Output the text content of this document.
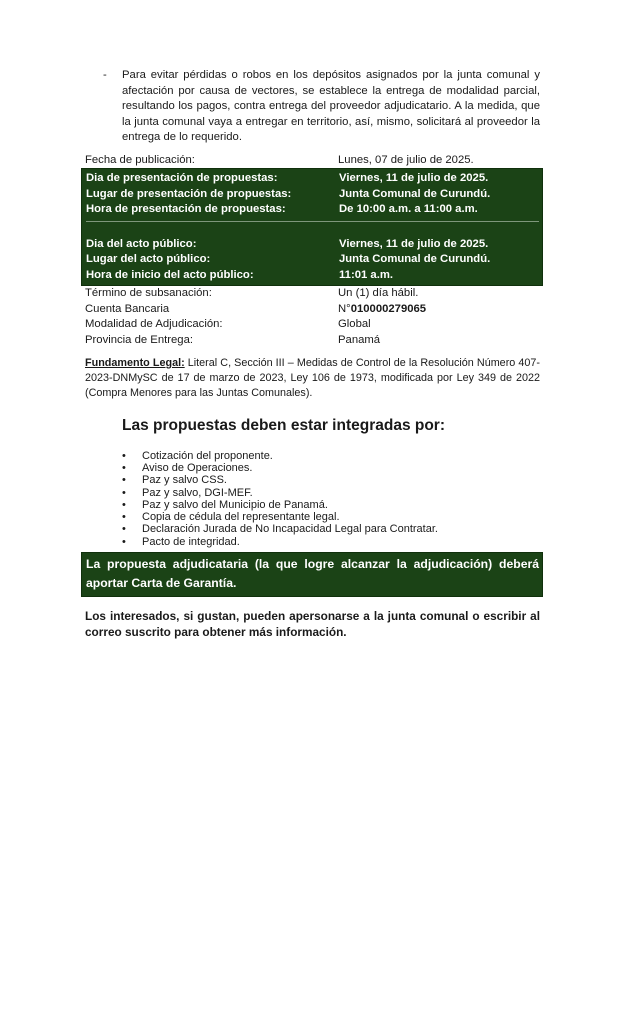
-	Para evitar pérdidas o robos en los depósitos asignados por la junta comunal y afectación por causa de vectores, se establece la entrega de modalidad parcial, resultando los pagos, contra entrega del proveedor adjudicatario. A la medida, que la junta comunal vaya a entregar en territorio, así, mismo, solicitará al proveedor la entrega de lo requerido.
Fecha de publicación:	Lunes, 07 de julio de 2025.
Dia de presentación de propuestas:	Viernes, 11 de julio de 2025.
Lugar de presentación de propuestas:	Junta Comunal de Curundú.
Hora de presentación de propuestas:	De 10:00 a.m. a 11:00 a.m.
Dia del acto público:	Viernes, 11 de julio de 2025.
Lugar del acto público:	Junta Comunal de Curundú.
Hora de inicio del acto público:	11:01 a.m.
Término de subsanación:	Un (1) día hábil.
Cuenta Bancaria	N°010000279065
Modalidad de Adjudicación:	Global
Provincia de Entrega:	Panamá

Fundamento Legal: Literal C, Sección III – Medidas de Control de la Resolución Número 407-2023-DNMySC de 17 de marzo de 2023, Ley 106 de 1973, modificada por Ley 349 de 2022 (Compra Menores para las Juntas Comunales).

Las propuestas deben estar integradas por:
•	Cotización del proponente.
•	Aviso de Operaciones.
•	Paz y salvo CSS.
•	Paz y salvo, DGI-MEF.
•	Paz y salvo del Municipio de Panamá.
•	Copia de cédula del representante legal.
•	Declaración Jurada de No Incapacidad Legal para Contratar.
•	Pacto de integridad.
La propuesta adjudicataria (la que logre alcanzar la adjudicación) deberá aportar Carta de Garantía.

Los interesados, si gustan, pueden apersonarse a la junta comunal o escribir al correo suscrito para obtener más información.
